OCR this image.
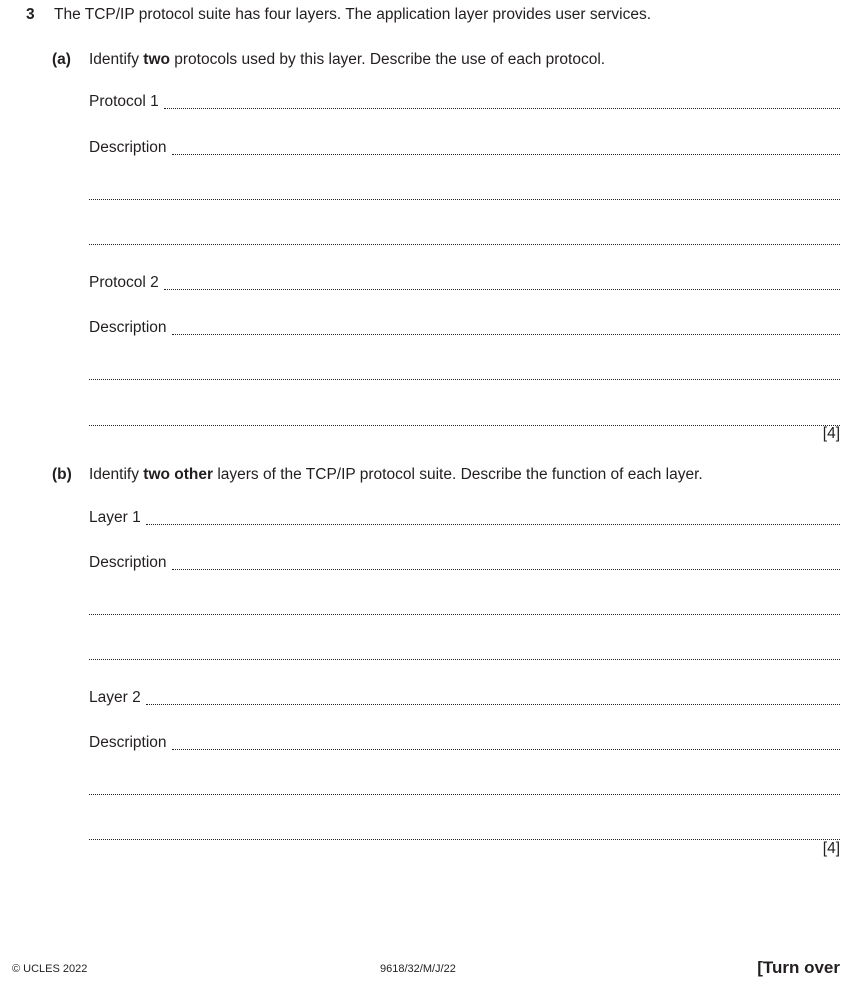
3 The TCP/IP protocol suite has four layers. The application layer provides user services.
(a) Identify two protocols used by this layer. Describe the use of each protocol.
Protocol 1
Description
Protocol 2
Description
[4]
(b) Identify two other layers of the TCP/IP protocol suite. Describe the function of each layer.
Layer 1
Description
Layer 2
Description
[4]
© UCLES 2022	9618/32/M/J/22	[Turn over
